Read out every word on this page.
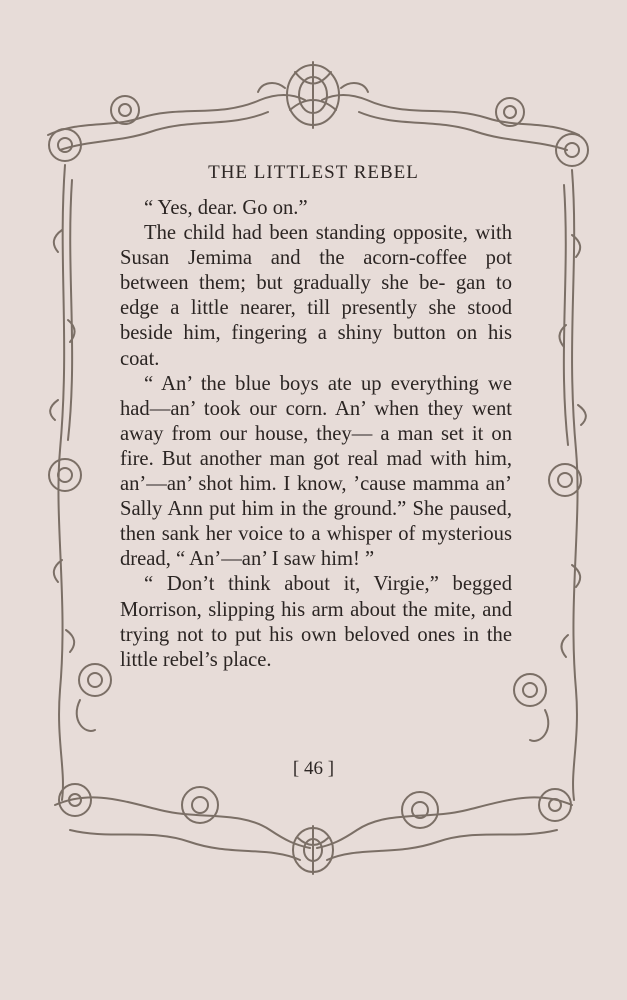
THE LITTLEST REBEL

“ Yes, dear. Go on.”

The child had been standing opposite, with Susan Jemima and the acorn-coffee pot between them; but gradually she be- gan to edge a little nearer, till presently she stood beside him, fingering a shiny button on his coat.

“ An’ the blue boys ate up everything we had—an’ took our corn. An’ when they went away from our house, they— a man set it on fire. But another man got real mad with him, an’—an’ shot him. I know, ’cause mamma an’ Sally Ann put him in the ground.” She paused, then sank her voice to a whisper of mysterious dread, “ An’—an’ I saw him! ”

“ Don’t think about it, Virgie,” begged Morrison, slipping his arm about the mite, and trying not to put his own beloved ones in the little rebel’s place.

[ 46 ]
